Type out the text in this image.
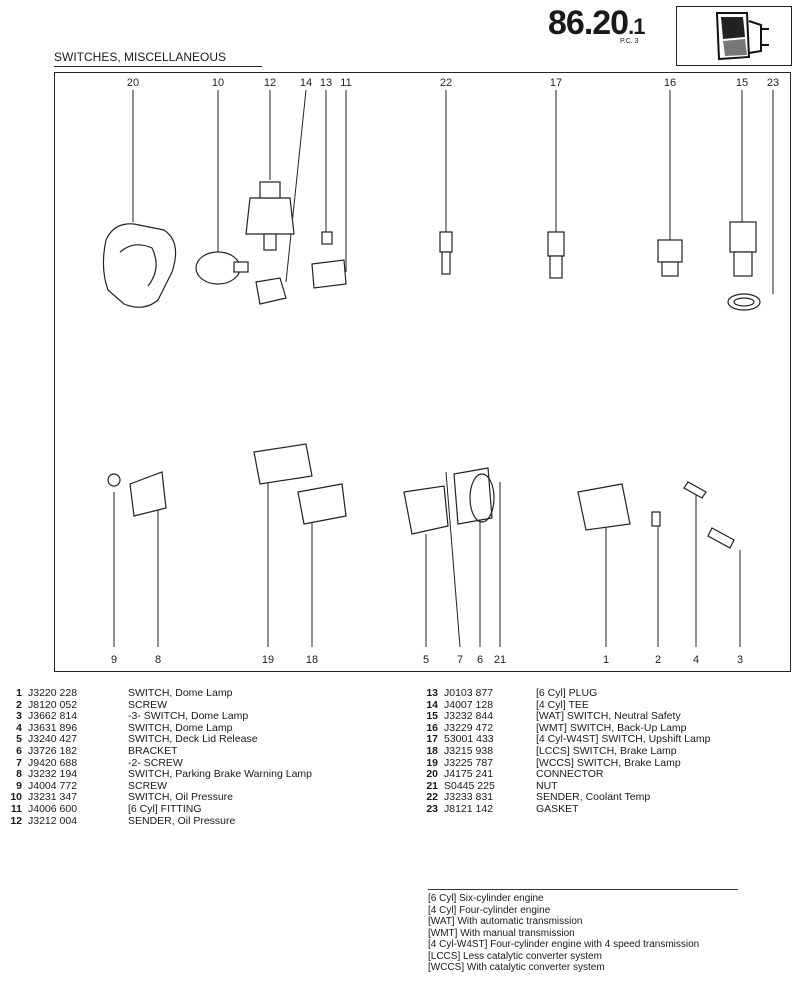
86.20.1
P.C. 3
SWITCHES, MISCELLANEOUS
20	10	12 14 13 11	22	17	16	15 23
9	8	19	18	5	7 6 21	1	2	4	3
1 J3220 228	SWITCH, Dome Lamp
2 J8120 052	SCREW
3 J3662 814	-3- SWITCH, Dome Lamp
4 J3631 896	SWITCH, Dome Lamp
5 J3240 427	SWITCH, Deck Lid Release
6 J3726 182	BRACKET
7 J9420 688	-2- SCREW
8 J3232 194	SWITCH, Parking Brake Warning Lamp
9 J4004 772	SCREW
10 J3231 347	SWITCH, Oil Pressure
11 J4006 600	[6 Cyl] FITTING
12 J3212 004	SENDER, Oil Pressure
13 J0103 877	[6 Cyl] PLUG
14 J4007 128	[4 Cyl] TEE
15 J3232 844	[WAT] SWITCH, Neutral Safety
16 J3229 472	[WMT] SWITCH, Back-Up Lamp
17 53001 433	[4 Cyl-W4ST] SWITCH, Upshift Lamp
18 J3215 938	[LCCS] SWITCH, Brake Lamp
19 J3225 787	[WCCS] SWITCH, Brake Lamp
20 J4175 241	CONNECTOR
21 S0445 225	NUT
22 J3233 831	SENDER, Coolant Temp
23 J8121 142	GASKET
[6 Cyl] Six-cylinder engine
[4 Cyl] Four-cylinder engine
[WAT] With automatic transmission
[WMT] With manual transmission
[4 Cyl-W4ST] Four-cylinder engine with 4 speed transmission
[LCCS] Less catalytic converter system
[WCCS] With catalytic converter system
